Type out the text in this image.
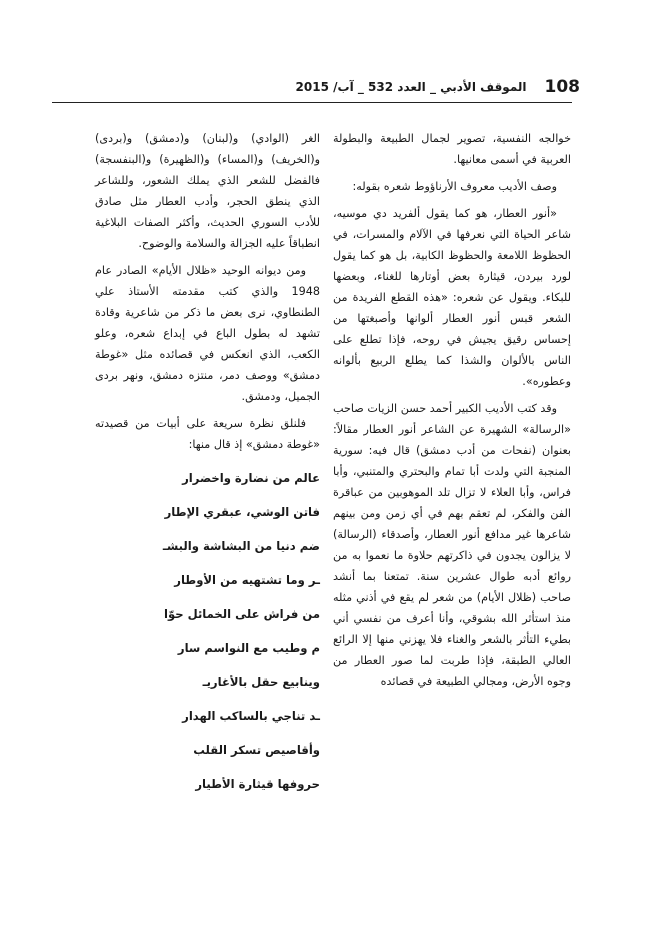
108
الموقف الأدبي _ العدد 532 _ آب/ 2015

خوالجه النفسية، تصوير لجمال الطبيعة والبطولة العربية في أسمى معانيها.

وصف الأديب معروف الأرناؤوط شعره بقوله:

«أنور العطار، هو كما يقول ألفريد دي موسيه، شاعر الحياة التي نعرفها في الآلام والمسرات، في الحظوظ اللامعة والحظوظ الكابية، بل هو كما يقول لورد بيردن، قيثارة بعض أوتارها للغناء، وبعضها للبكاء. ويقول عن شعره: «هذه القطع الفريدة من الشعر قبس أنور العطار ألوانها وأصبغتها من إحساس رقيق يجيش في روحه، فإذا تطلع على الناس بالألوان والشذا كما يطلع الربيع بألوانه وعطوره».

وقد كتب الأديب الكبير أحمد حسن الزيات صاحب «الرسالة» الشهيرة عن الشاعر أنور العطار مقالاً: بعنوان (نفحات من أدب دمشق) قال فيه: سورية المنجبة التي ولدت أبا تمام والبحتري والمتنبي، وأبا فراس، وأبا العلاء لا تزال تلد الموهوبين من عباقرة الفن والفكر، لم تعقم بهم في أي زمن ومن بينهم شاعرها غير مدافع أنور العطار، وأصدقاء (الرسالة) لا يزالون يجدون في ذاكرتهم حلاوة ما نعموا به من روائع أدبه طوال عشرين سنة. تمتعنا بما أنشد صاحب (ظلال الأيام) من شعر لم يقع في أذني مثله منذ استأثر الله بشوقي، وأنا أعرف من نفسي أني بطيء التأثر بالشعر والغناء فلا يهزني منها إلا الرائع العالي الطبقة، فإذا طربت لما صور العطار من وجوه الأرض، ومجالي الطبيعة في قصائده

الغر (الوادي) و(لبنان) و(دمشق) و(بردى) و(الخريف) و(المساء) و(الظهيرة) و(البنفسجة) فالفضل للشعر الذي يملك الشعور، وللشاعر الذي ينطق الحجر، وأدب العطار مثل صادق للأدب السوري الحديث، وأكثر الصفات البلاغية انطباقاً عليه الجزالة والسلامة والوضوح.

ومن ديوانه الوحيد «ظلال الأيام» الصادر عام 1948 والذي كتب مقدمته الأستاذ علي الطنطاوي، نرى بعض ما ذكر من شاعرية وقادة تشهد له بطول الباع في إبداع شعره، وعلو الكعب، الذي انعكس في قصائده مثل «غوطة دمشق» ووصف دمر، منتزه دمشق، ونهر بردى الجميل، ودمشق.

فلنلق نظرة سريعة على أبيات من قصيدته «غوطة دمشق» إذ قال منها:

عالم من نضارة واخضرار
فاتن الوشي، عبقري الإطار
ضم دنيا من البشاشة والبشـ
ـر وما تشتهيه من الأوطار
من فراش على الخمائل حوّا
م وطيب مع النواسم سار
وينابيع حقل بالأغاريـ
ـد تناجي بالساكب الهدار
وأقاصيص تسكر القلب
حروفها قيثارة الأطيار
